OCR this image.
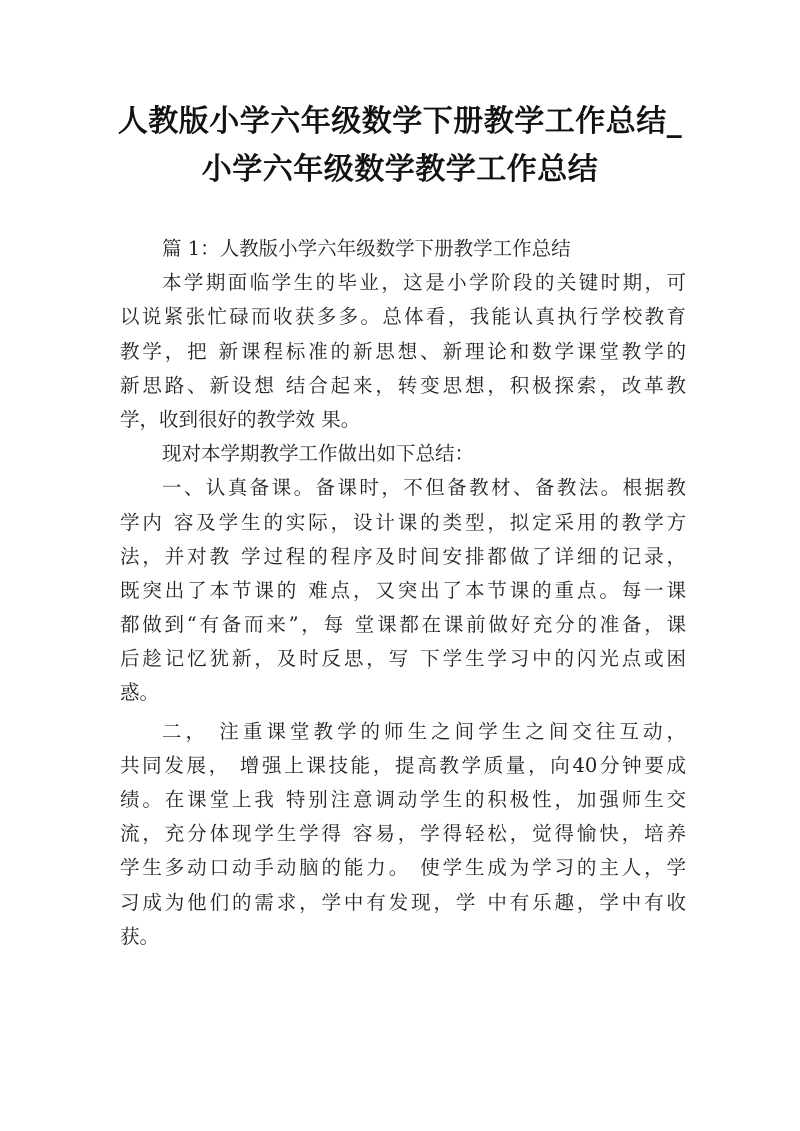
人教版小学六年级数学下册教学工作总结_
小学六年级数学教学工作总结
篇 1：人教版小学六年级数学下册教学工作总结
本学期面临学生的毕业，这是小学阶段的关键时期，可
以说紧张忙碌而收获多多。总体看，我能认真执行学校教育
教学，把 新课程标准的新思想、新理论和数学课堂教学的
新思路、新设想 结合起来，转变思想，积极探索，改革教
学，收到很好的教学效 果。
现对本学期教学工作做出如下总结：
一、认真备课。备课时，不但备教材、备教法。根据教
学内 容及学生的实际，设计课的类型，拟定采用的教学方
法，并对教 学过程的程序及时间安排都做了详细的记录，
既突出了本节课的 难点，又突出了本节课的重点。每一课
都做到“有备而来”，每 堂课都在课前做好充分的准备，课
后趁记忆犹新，及时反思，写 下学生学习中的闪光点或困
惑。
二， 注重课堂教学的师生之间学生之间交往互动，
共同发展， 增强上课技能，提高教学质量，向40分钟要成
绩。在课堂上我 特别注意调动学生的积极性，加强师生交
流，充分体现学生学得 容易，学得轻松，觉得愉快，培养
学生多动口动手动脑的能力。 使学生成为学习的主人，学
习成为他们的需求，学中有发现，学 中有乐趣，学中有收
获。
